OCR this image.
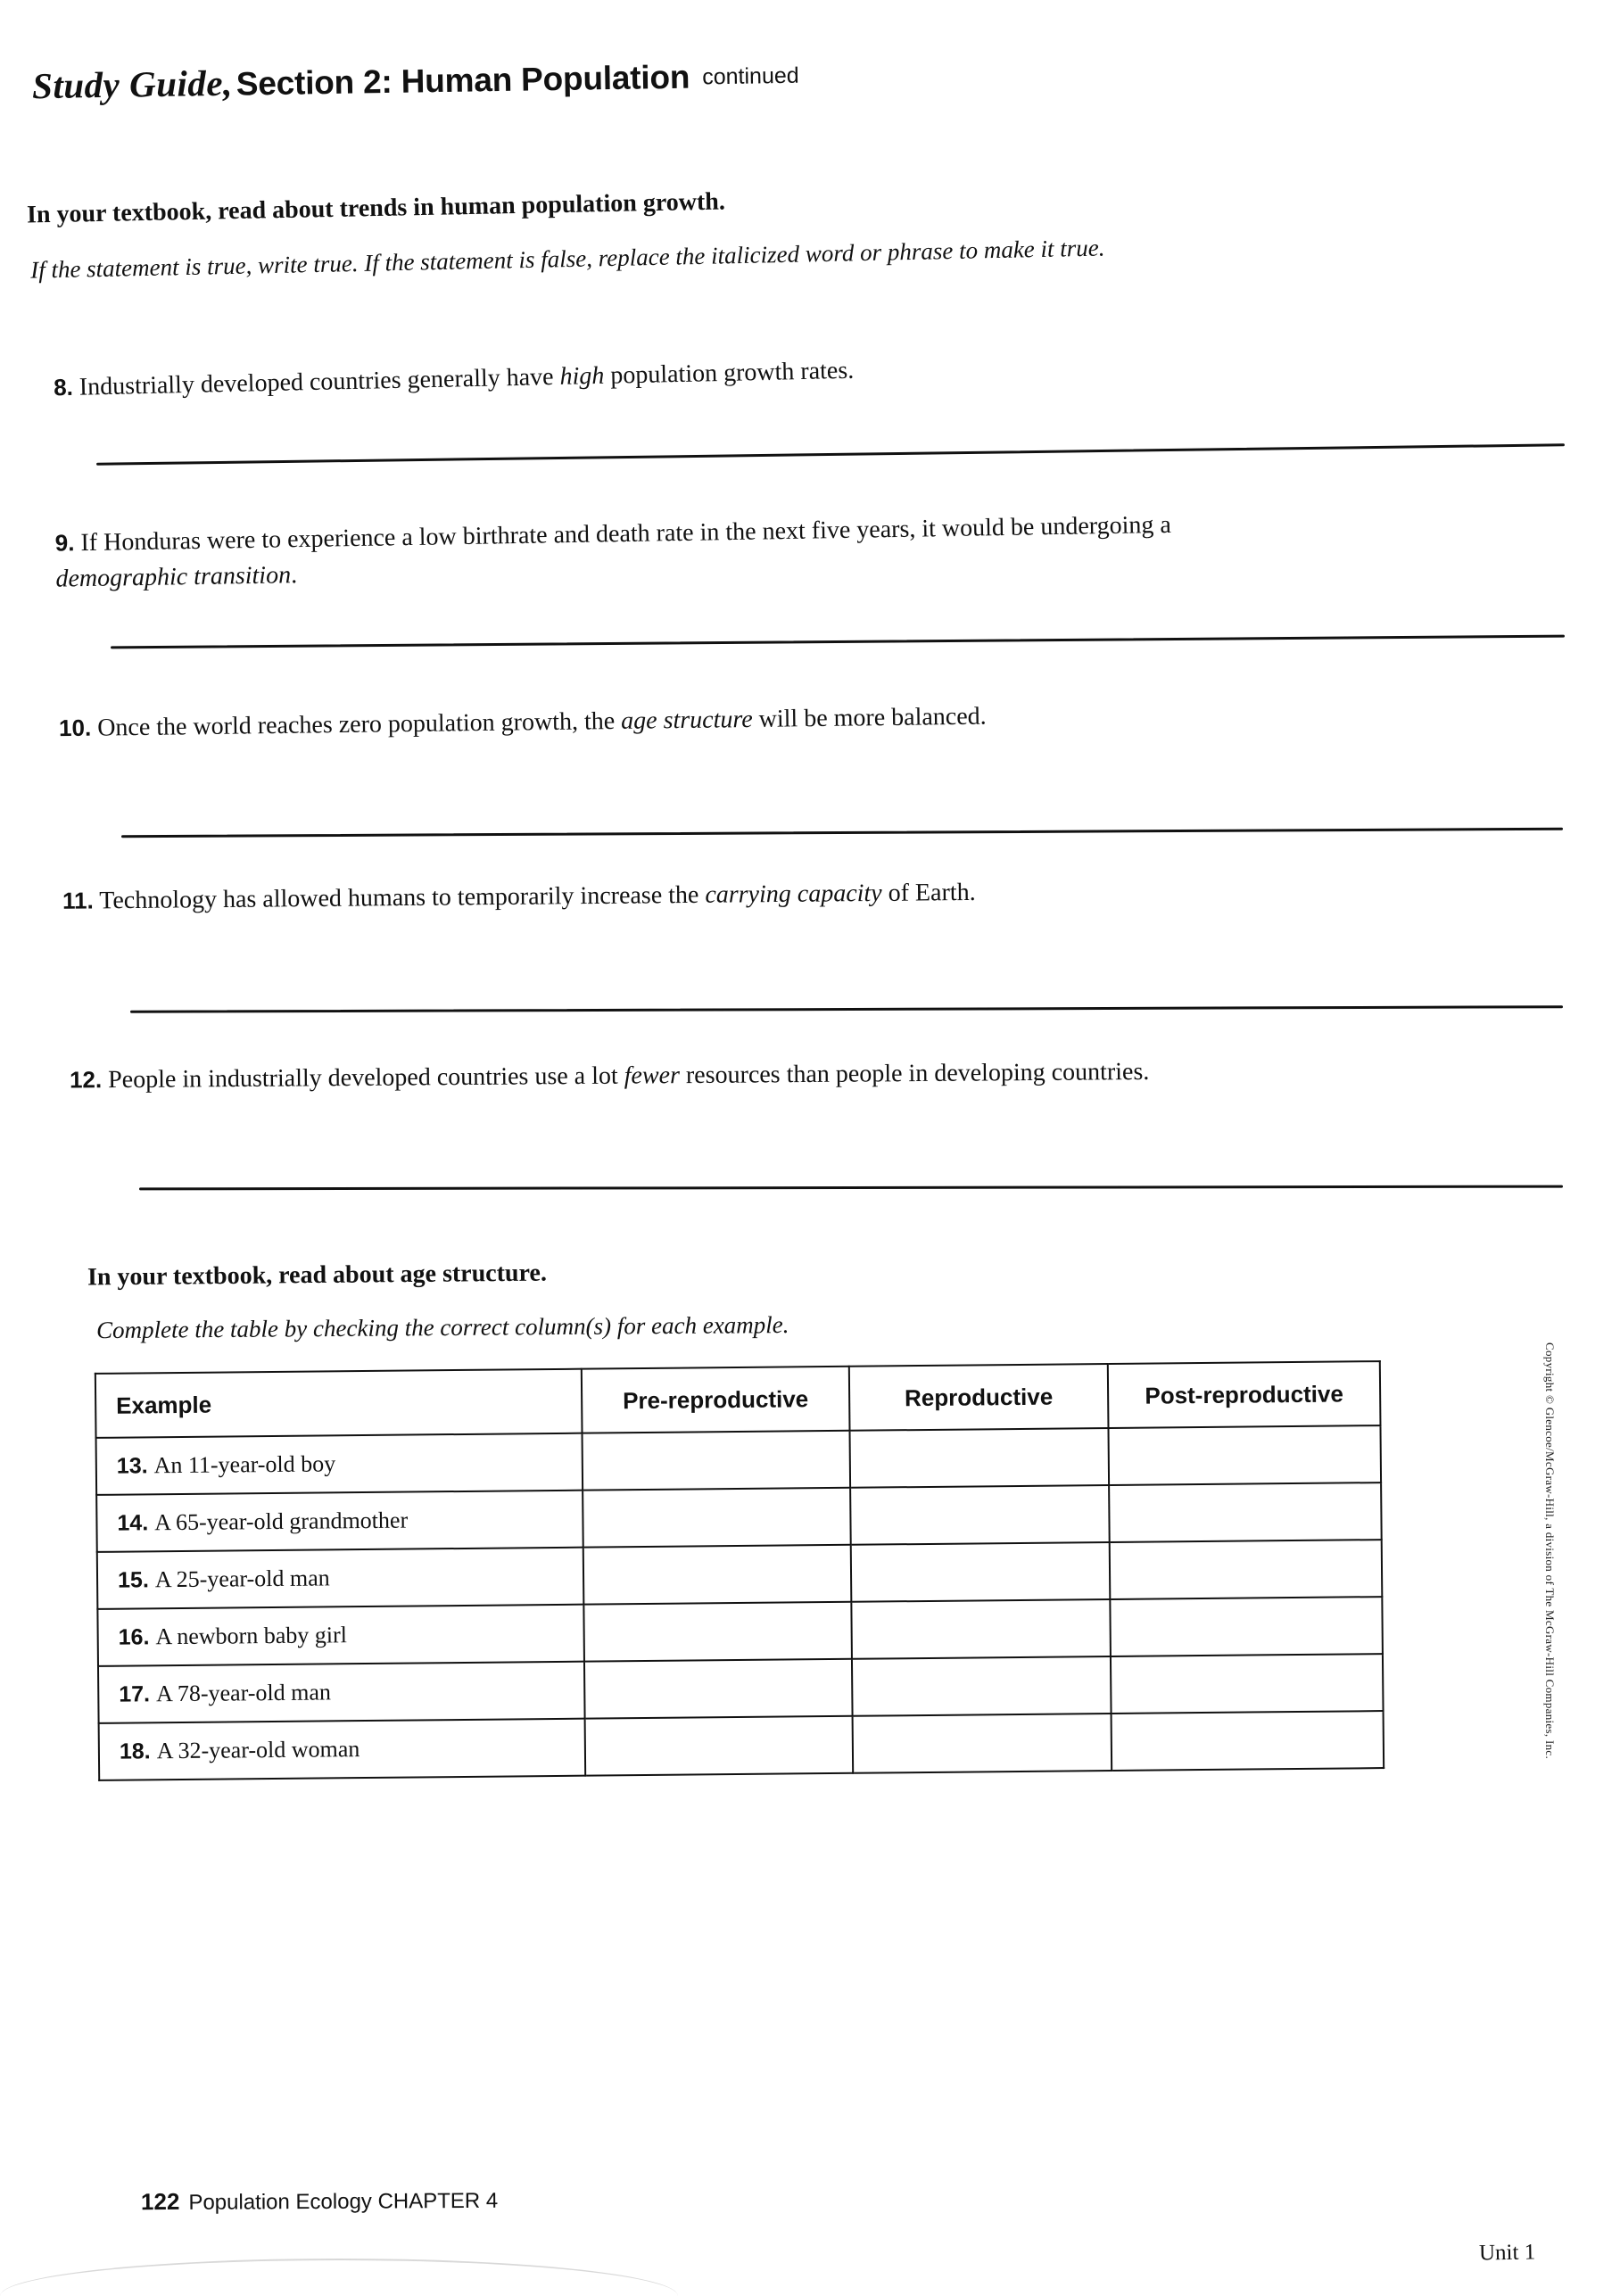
Study Guide, Section 2: Human Population continued
In your textbook, read about trends in human population growth.
If the statement is true, write true. If the statement is false, replace the italicized word or phrase to make it true.
8. Industrially developed countries generally have high population growth rates.
9. If Honduras were to experience a low birthrate and death rate in the next five years, it would be undergoing a demographic transition.
10. Once the world reaches zero population growth, the age structure will be more balanced.
11. Technology has allowed humans to temporarily increase the carrying capacity of Earth.
12. People in industrially developed countries use a lot fewer resources than people in developing countries.
In your textbook, read about age structure.
Complete the table by checking the correct column(s) for each example.
Example	Pre-reproductive	Reproductive	Post-reproductive
13. An 11-year-old boy			
14. A 65-year-old grandmother			
15. A 25-year-old man			
16. A newborn baby girl			
17. A 78-year-old man			
18. A 32-year-old woman				Copyright © Glencoe/McGraw-Hill, a division of The McGraw-Hill Companies, Inc.
122 Population Ecology CHAPTER 4
Unit 1
